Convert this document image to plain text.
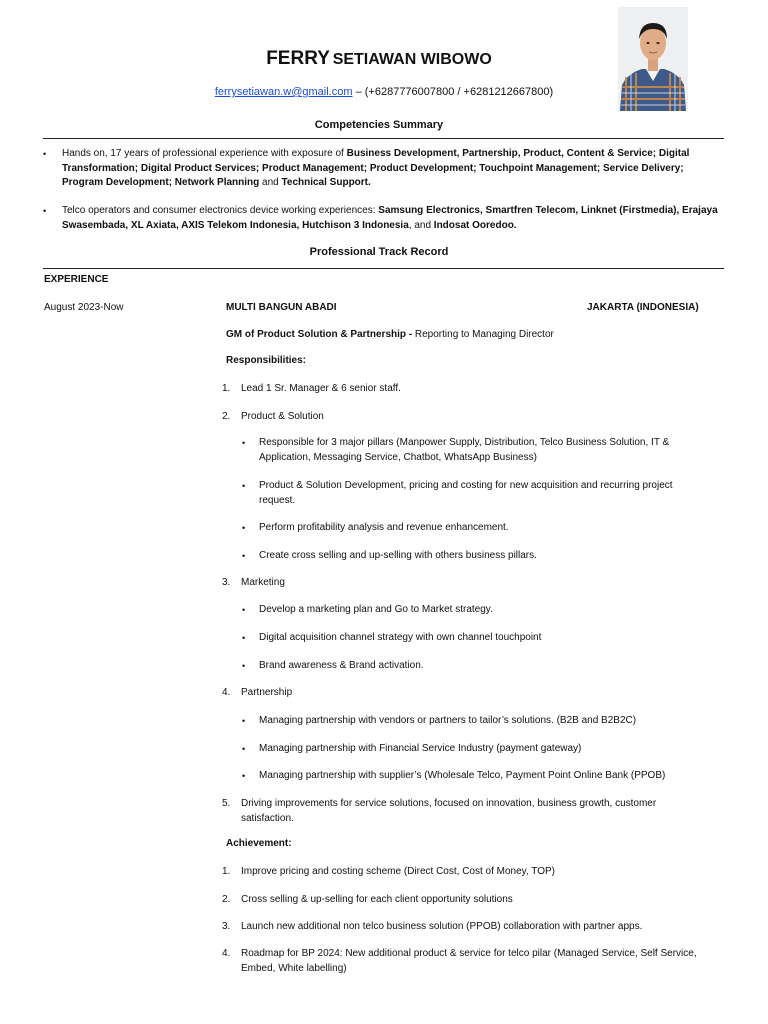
FERRY SETIAWAN WIBOWO
ferrysetiawan.w@gmail.com – (+6287776007800 / +6281212667800)
Competencies Summary
• Hands on, 17 years of professional experience with exposure of Business Development, Partnership, Product, Content & Service; Digital Transformation; Digital Product Services; Product Management; Product Development; Touchpoint Management; Service Delivery; Program Development; Network Planning and Technical Support.
• Telco operators and consumer electronics device working experiences: Samsung Electronics, Smartfren Telecom, Linknet (Firstmedia), Erajaya Swasembada, XL Axiata, AXIS Telekom Indonesia, Hutchison 3 Indonesia, and Indosat Ooredoo.
Professional Track Record
EXPERIENCE
August 2023-Now	MULTI BANGUN ABADI	JAKARTA (INDONESIA)
GM of Product Solution & Partnership - Reporting to Managing Director
Responsibilities:
1. Lead 1 Sr. Manager & 6 senior staff.
2. Product & Solution
• Responsible for 3 major pillars (Manpower Supply, Distribution, Telco Business Solution, IT & Application, Messaging Service, Chatbot, WhatsApp Business)
• Product & Solution Development, pricing and costing for new acquisition and recurring project request.
• Perform profitability analysis and revenue enhancement.
• Create cross selling and up-selling with others business pillars.
3. Marketing
• Develop a marketing plan and Go to Market strategy.
• Digital acquisition channel strategy with own channel touchpoint
• Brand awareness & Brand activation.
4. Partnership
• Managing partnership with vendors or partners to tailor’s solutions. (B2B and B2B2C)
• Managing partnership with Financial Service Industry (payment gateway)
• Managing partnership with supplier’s (Wholesale Telco, Payment Point Online Bank (PPOB)
5. Driving improvements for service solutions, focused on innovation, business growth, customer satisfaction.
Achievement:
1. Improve pricing and costing scheme (Direct Cost, Cost of Money, TOP)
2. Cross selling & up-selling for each client opportunity solutions
3. Launch new additional non telco business solution (PPOB) collaboration with partner apps.
4. Roadmap for BP 2024: New additional product & service for telco pilar (Managed Service, Self Service, Embed, White labelling)
